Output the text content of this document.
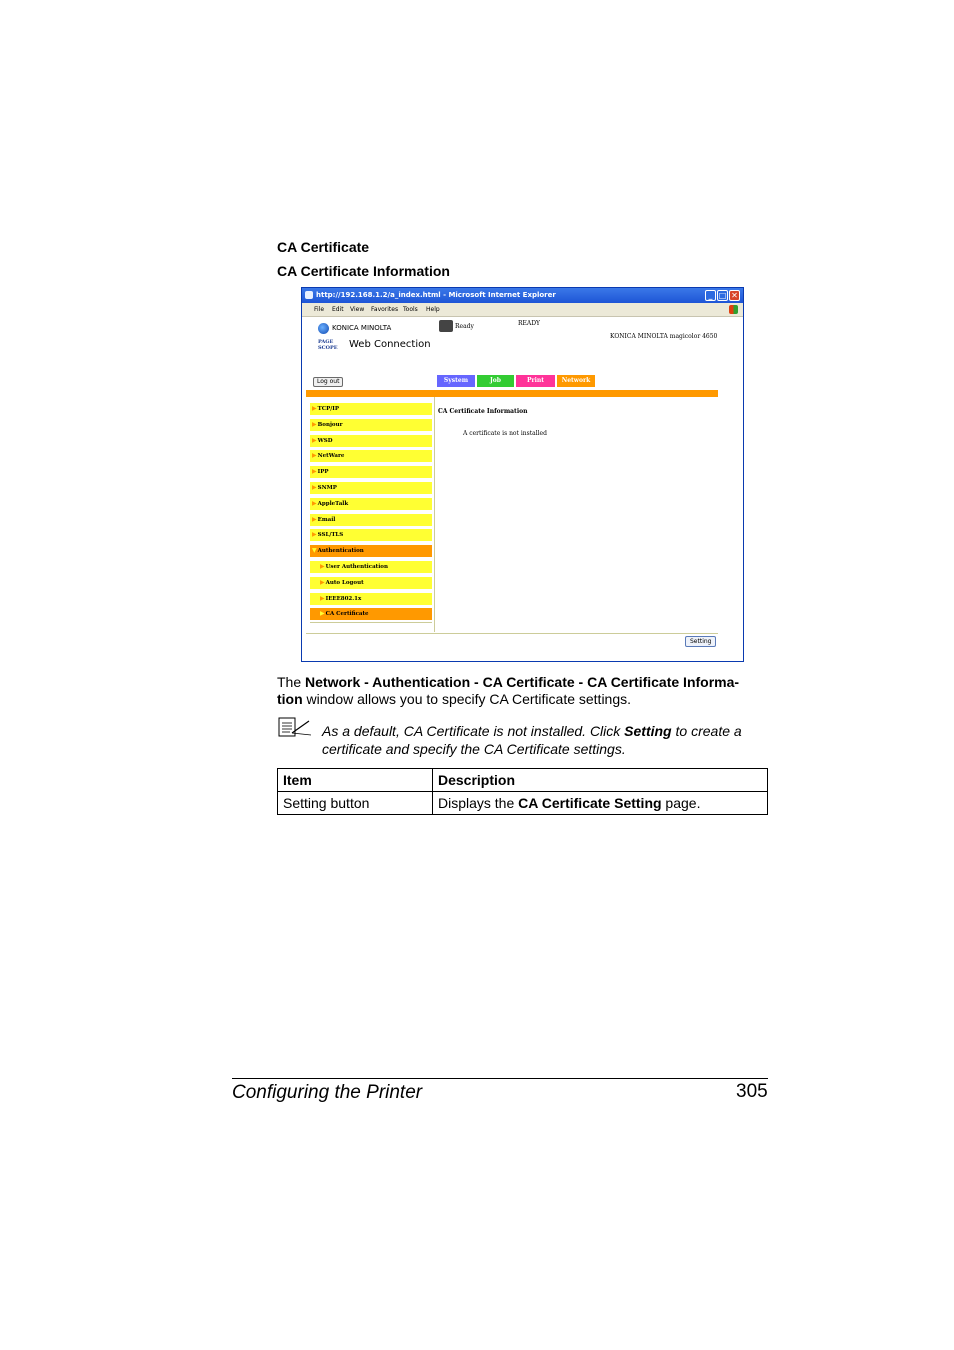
CA Certificate
CA Certificate Information
http://192.168.1.2/a_index.html - Microsoft Internet Explorer	_ □ ✕
File Edit View Favorites Tools Help
KONICA MINOLTA
PAGE SCOPE	Web Connection
Ready	READY
KONICA MINOLTA magicolor 4650
Log out	System	Job	Print	Network
▶TCP/IP
▶Bonjour
▶WSD
▶NetWare
▶IPP
▶SNMP
▶AppleTalk
▶Email
▶SSL/TLS
▼Authentication
▶User Authentication
▶Auto Logout
▶IEEE802.1x
▶CA Certificate
CA Certificate Information
A certificate is not installed
Setting
The Network - Authentication - CA Certificate - CA Certificate Informa-
tion window allows you to specify CA Certificate settings.
As a default, CA Certificate is not installed. Click Setting to create a
certificate and specify the CA Certificate settings.
Item	Description
Setting button	Displays the CA Certificate Setting page.
Configuring the Printer	305
